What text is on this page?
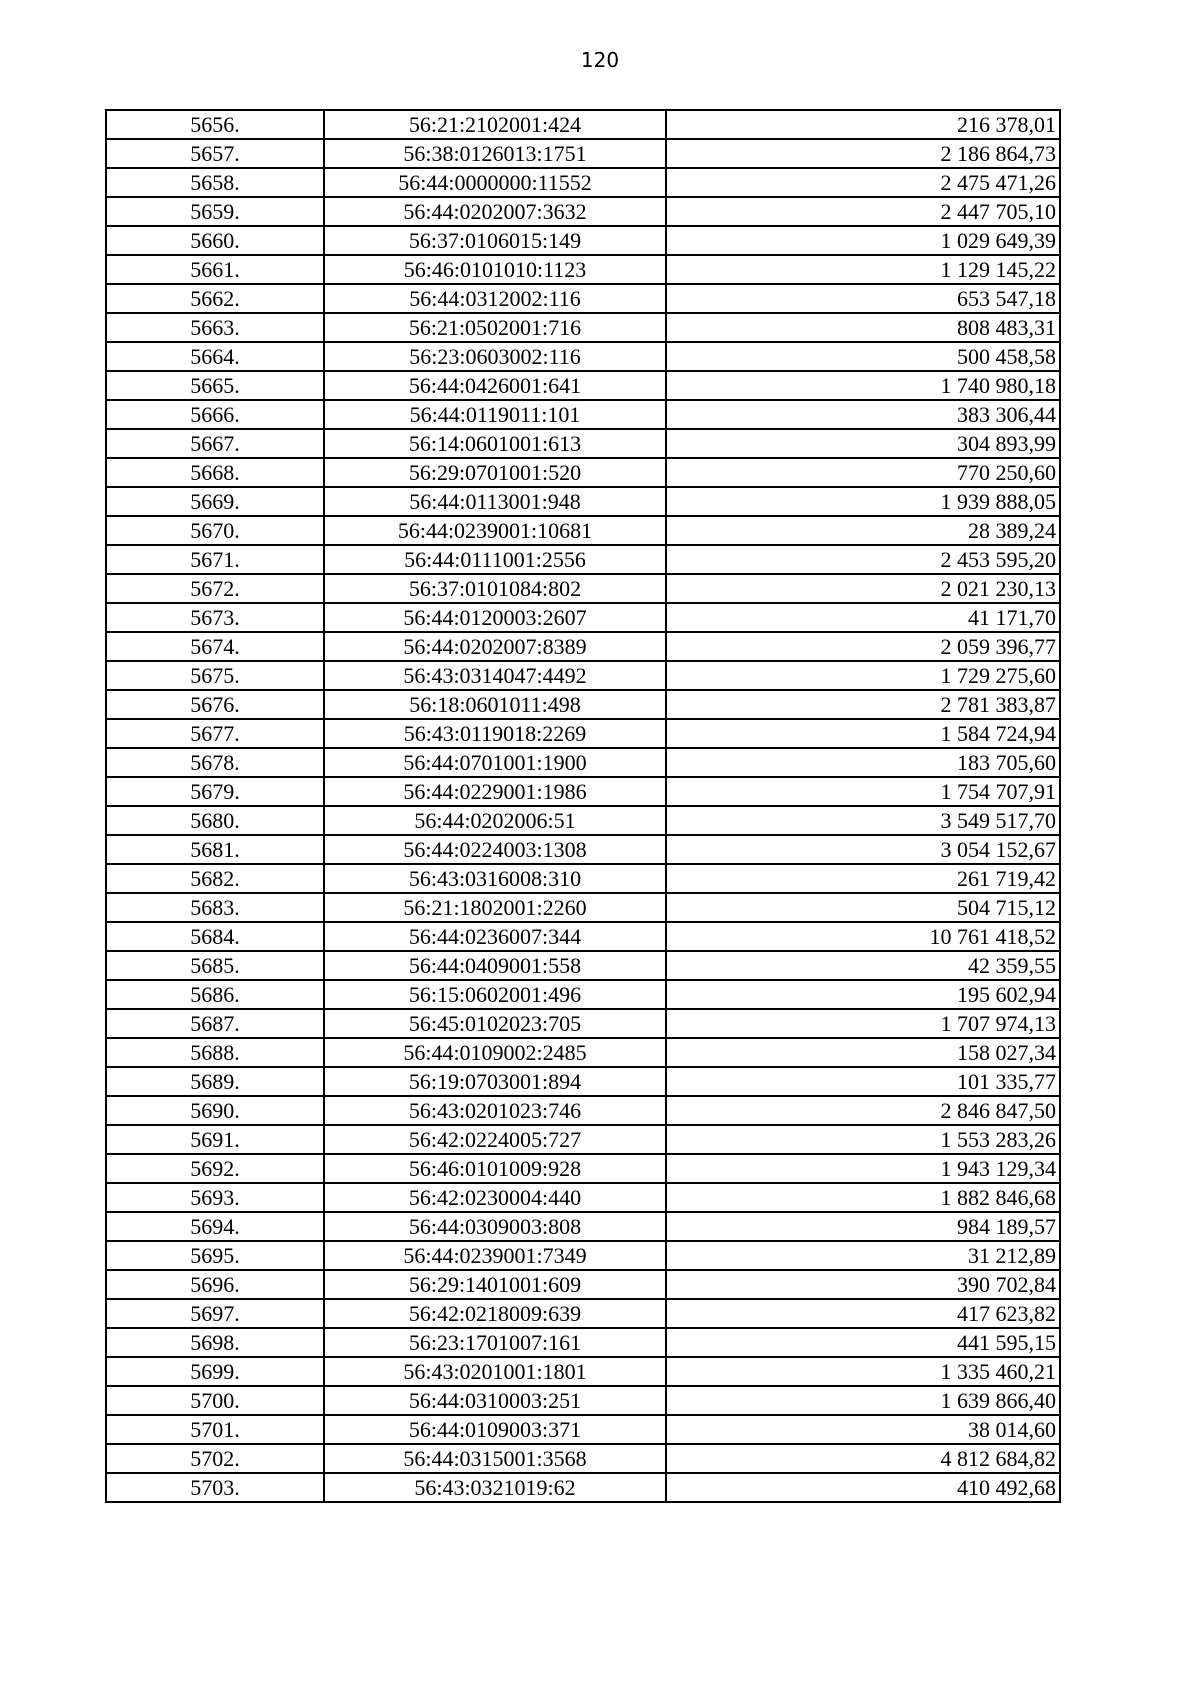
120
5656.	56:21:2102001:424	216 378,01
5657.	56:38:0126013:1751	2 186 864,73
5658.	56:44:0000000:11552	2 475 471,26
5659.	56:44:0202007:3632	2 447 705,10
5660.	56:37:0106015:149	1 029 649,39
5661.	56:46:0101010:1123	1 129 145,22
5662.	56:44:0312002:116	653 547,18
5663.	56:21:0502001:716	808 483,31
5664.	56:23:0603002:116	500 458,58
5665.	56:44:0426001:641	1 740 980,18
5666.	56:44:0119011:101	383 306,44
5667.	56:14:0601001:613	304 893,99
5668.	56:29:0701001:520	770 250,60
5669.	56:44:0113001:948	1 939 888,05
5670.	56:44:0239001:10681	28 389,24
5671.	56:44:0111001:2556	2 453 595,20
5672.	56:37:0101084:802	2 021 230,13
5673.	56:44:0120003:2607	41 171,70
5674.	56:44:0202007:8389	2 059 396,77
5675.	56:43:0314047:4492	1 729 275,60
5676.	56:18:0601011:498	2 781 383,87
5677.	56:43:0119018:2269	1 584 724,94
5678.	56:44:0701001:1900	183 705,60
5679.	56:44:0229001:1986	1 754 707,91
5680.	56:44:0202006:51	3 549 517,70
5681.	56:44:0224003:1308	3 054 152,67
5682.	56:43:0316008:310	261 719,42
5683.	56:21:1802001:2260	504 715,12
5684.	56:44:0236007:344	10 761 418,52
5685.	56:44:0409001:558	42 359,55
5686.	56:15:0602001:496	195 602,94
5687.	56:45:0102023:705	1 707 974,13
5688.	56:44:0109002:2485	158 027,34
5689.	56:19:0703001:894	101 335,77
5690.	56:43:0201023:746	2 846 847,50
5691.	56:42:0224005:727	1 553 283,26
5692.	56:46:0101009:928	1 943 129,34
5693.	56:42:0230004:440	1 882 846,68
5694.	56:44:0309003:808	984 189,57
5695.	56:44:0239001:7349	31 212,89
5696.	56:29:1401001:609	390 702,84
5697.	56:42:0218009:639	417 623,82
5698.	56:23:1701007:161	441 595,15
5699.	56:43:0201001:1801	1 335 460,21
5700.	56:44:0310003:251	1 639 866,40
5701.	56:44:0109003:371	38 014,60
5702.	56:44:0315001:3568	4 812 684,82
5703.	56:43:0321019:62	410 492,68
